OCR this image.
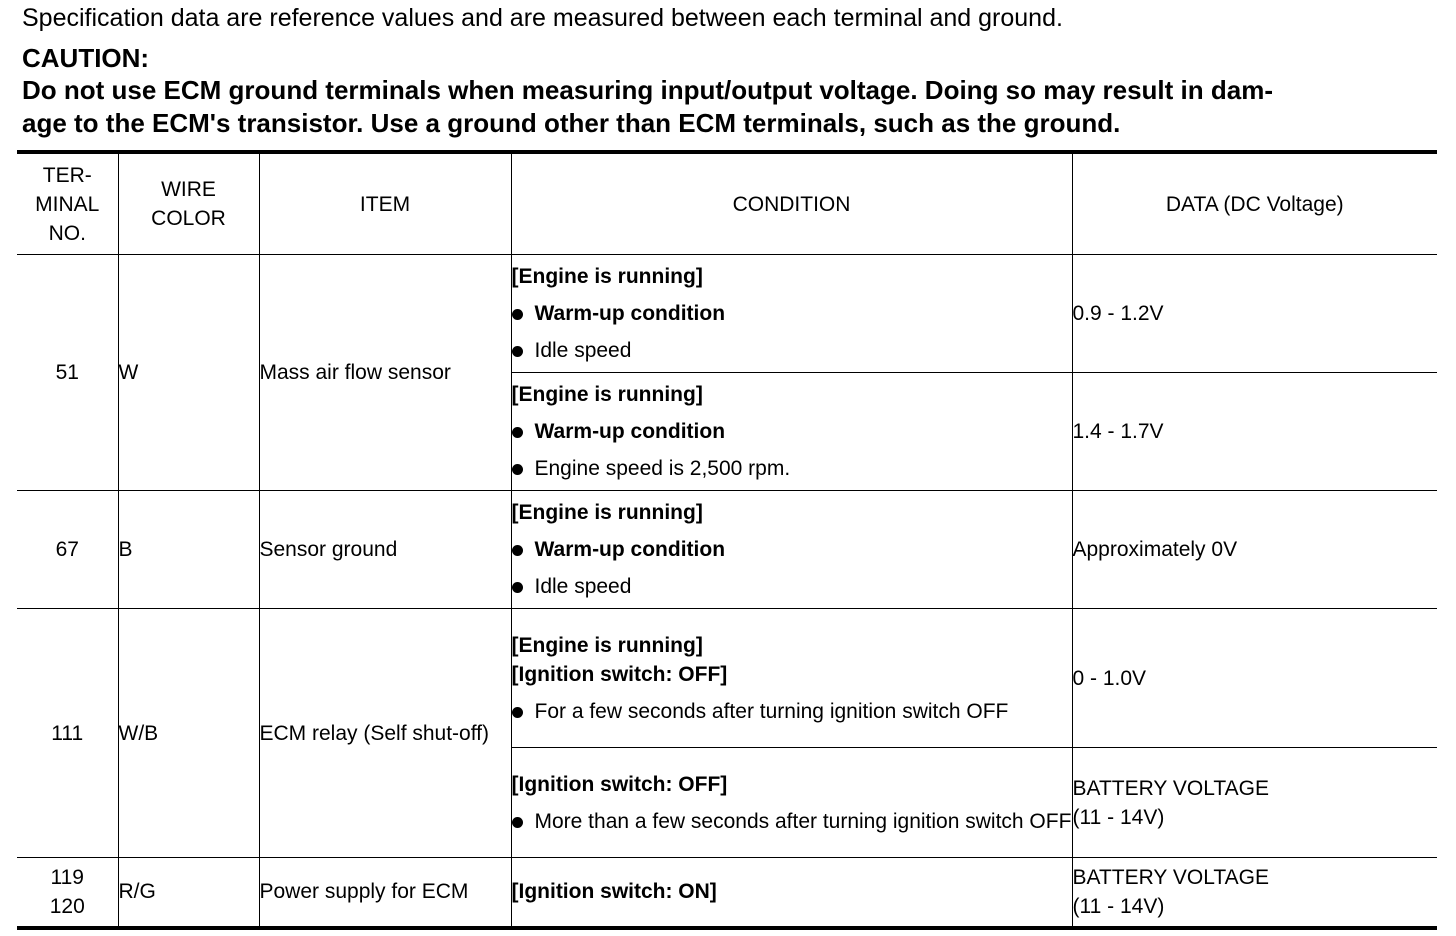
Specification data are reference values and are measured between each terminal and ground.
CAUTION:
Do not use ECM ground terminals when measuring input/output voltage. Doing so may result in dam-
age to the ECM's transistor. Use a ground other than ECM terminals, such as the ground.
TER-
MINAL
NO.	WIRE
COLOR	ITEM	CONDITION	DATA (DC Voltage)
51	W	Mass air flow sensor	[Engine is running]
Warm-up condition
Idle speed	0.9 - 1.2V

			[Engine is running]
Warm-up condition
Engine speed is 2,500 rpm.	1.4 - 1.7V
67	B	Sensor ground	[Engine is running]
Warm-up condition
Idle speed	Approximately 0V
111	W/B	ECM relay (Self shut-off)	[Engine is running]
[Ignition switch: OFF]
For a few seconds after turning ignition switch OFF	0 - 1.0V

			[Ignition switch: OFF]
More than a few seconds after turning ignition switch OFF	BATTERY VOLTAGE
(11 - 14V)

119
120	R/G	Power supply for ECM	[Ignition switch: ON]	BATTERY VOLTAGE
(11 - 14V)
